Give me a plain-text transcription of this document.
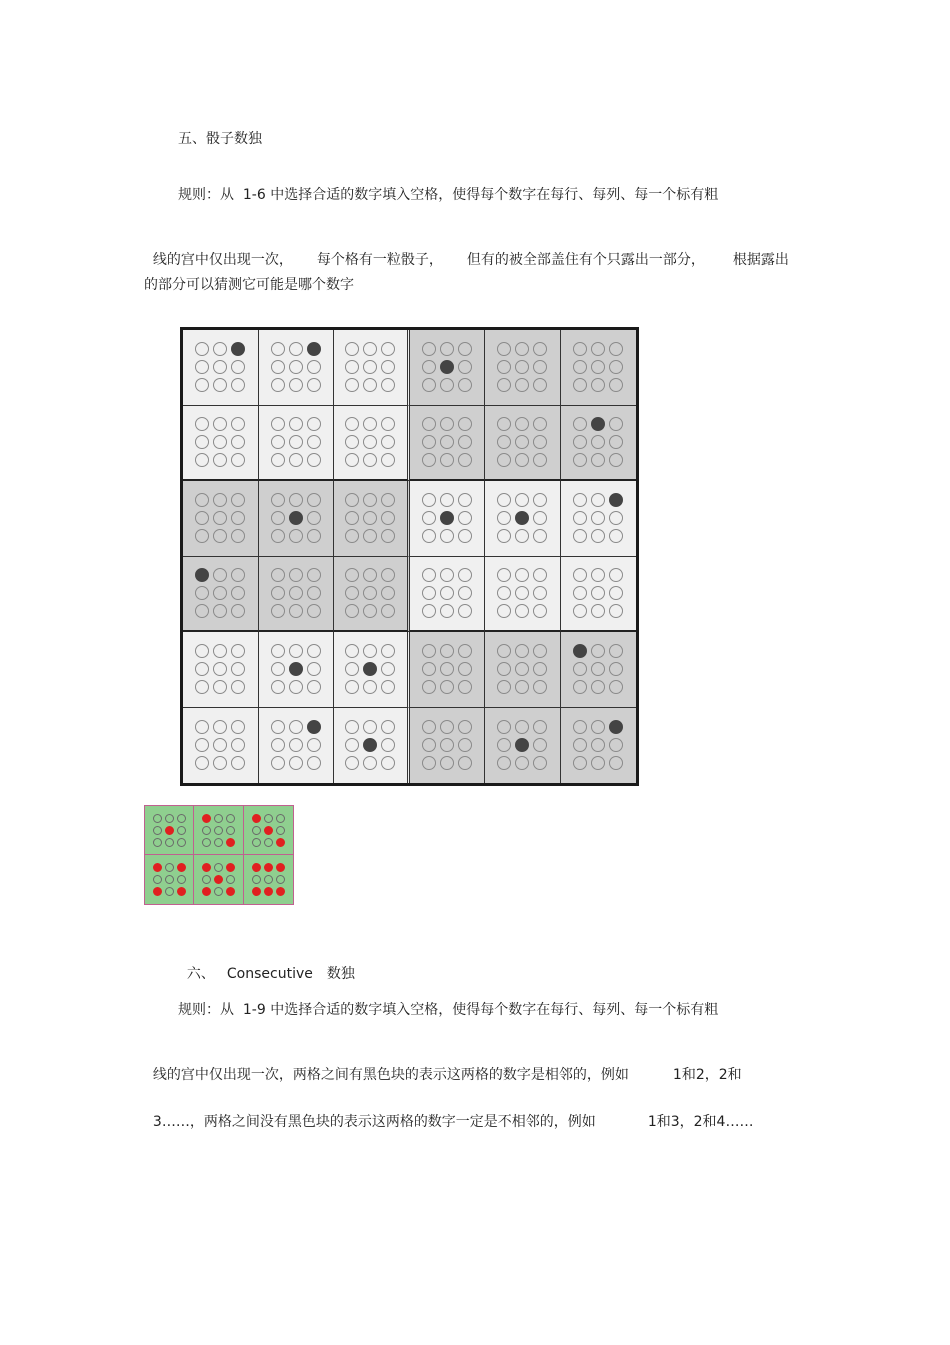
五、骰子数独
规则：从  1-6 中选择合适的数字填入空格，使得每个数字在每行、每列、每一个标有粗

线的宫中仅出现一次， 每个格有一粒骰子， 但有的被全部盖住有个只露出一部分， 根据露出

的部分可以猜测它可能是哪个数字

六、 Consecutive 数独

规则：从  1-9 中选择合适的数字填入空格，使得每个数字在每行、每列、每一个标有粗

线的宫中仅出现一次，两格之间有黑色块的表示这两格的数字是相邻的，例如	1和2，2和

3……，两格之间没有黑色块的表示这两格的数字一定是不相邻的，例如	1和3，2和4……
